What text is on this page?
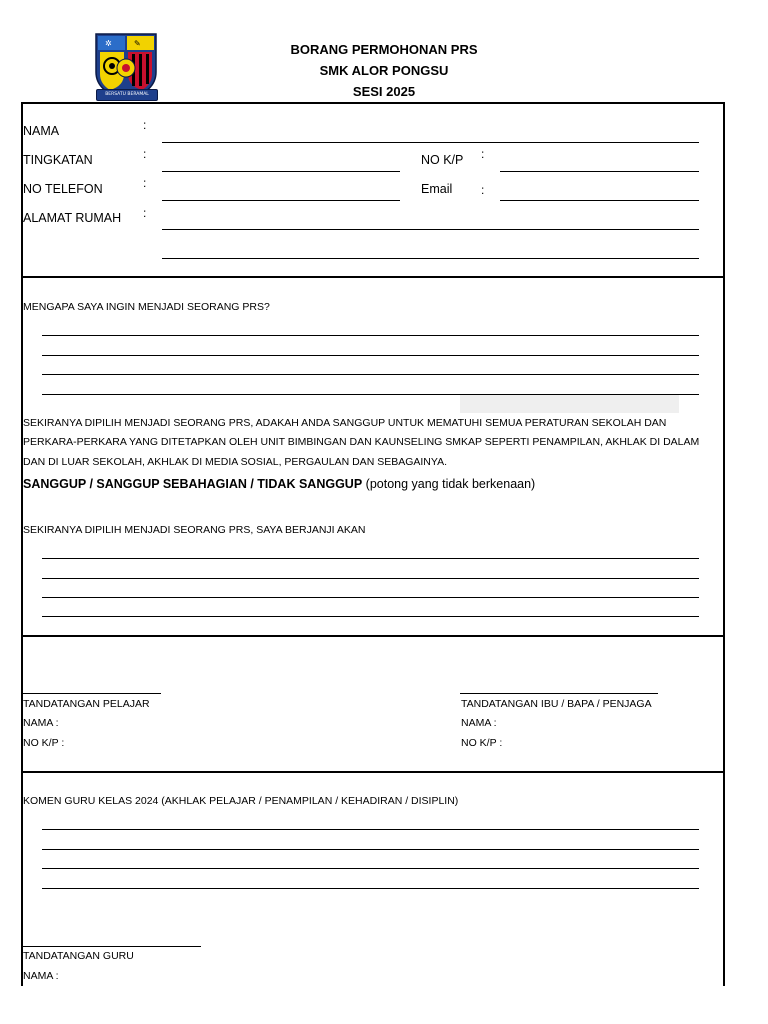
✲	✎
BERSATU BERAMAL
BORANG PERMOHONAN PRS
SMK ALOR PONGSU
SESI 2025
NAMA	:
TINGKATAN	:	NO K/P :
NO TELEFON	:	Email :
ALAMAT RUMAH :
MENGAPA SAYA INGIN MENJADI SEORANG PRS?
SEKIRANYA DIPILIH MENJADI SEORANG PRS, ADAKAH ANDA SANGGUP UNTUK MEMATUHI SEMUA PERATURAN SEKOLAH DAN
PERKARA-PERKARA YANG DITETAPKAN OLEH UNIT BIMBINGAN DAN KAUNSELING SMKAP SEPERTI PENAMPILAN, AKHLAK DI DALAM
DAN DI LUAR SEKOLAH, AKHLAK DI MEDIA SOSIAL, PERGAULAN DAN SEBAGAINYA.
SANGGUP / SANGGUP SEBAHAGIAN / TIDAK SANGGUP (potong yang tidak berkenaan)
SEKIRANYA DIPILIH MENJADI SEORANG PRS, SAYA BERJANJI AKAN
TANDATANGAN PELAJAR
NAMA :
NO K/P :
TANDATANGAN IBU / BAPA / PENJAGA
NAMA :
NO K/P :
KOMEN GURU KELAS 2024 (AKHLAK PELAJAR / PENAMPILAN / KEHADIRAN / DISIPLIN)
TANDATANGAN GURU
NAMA :
